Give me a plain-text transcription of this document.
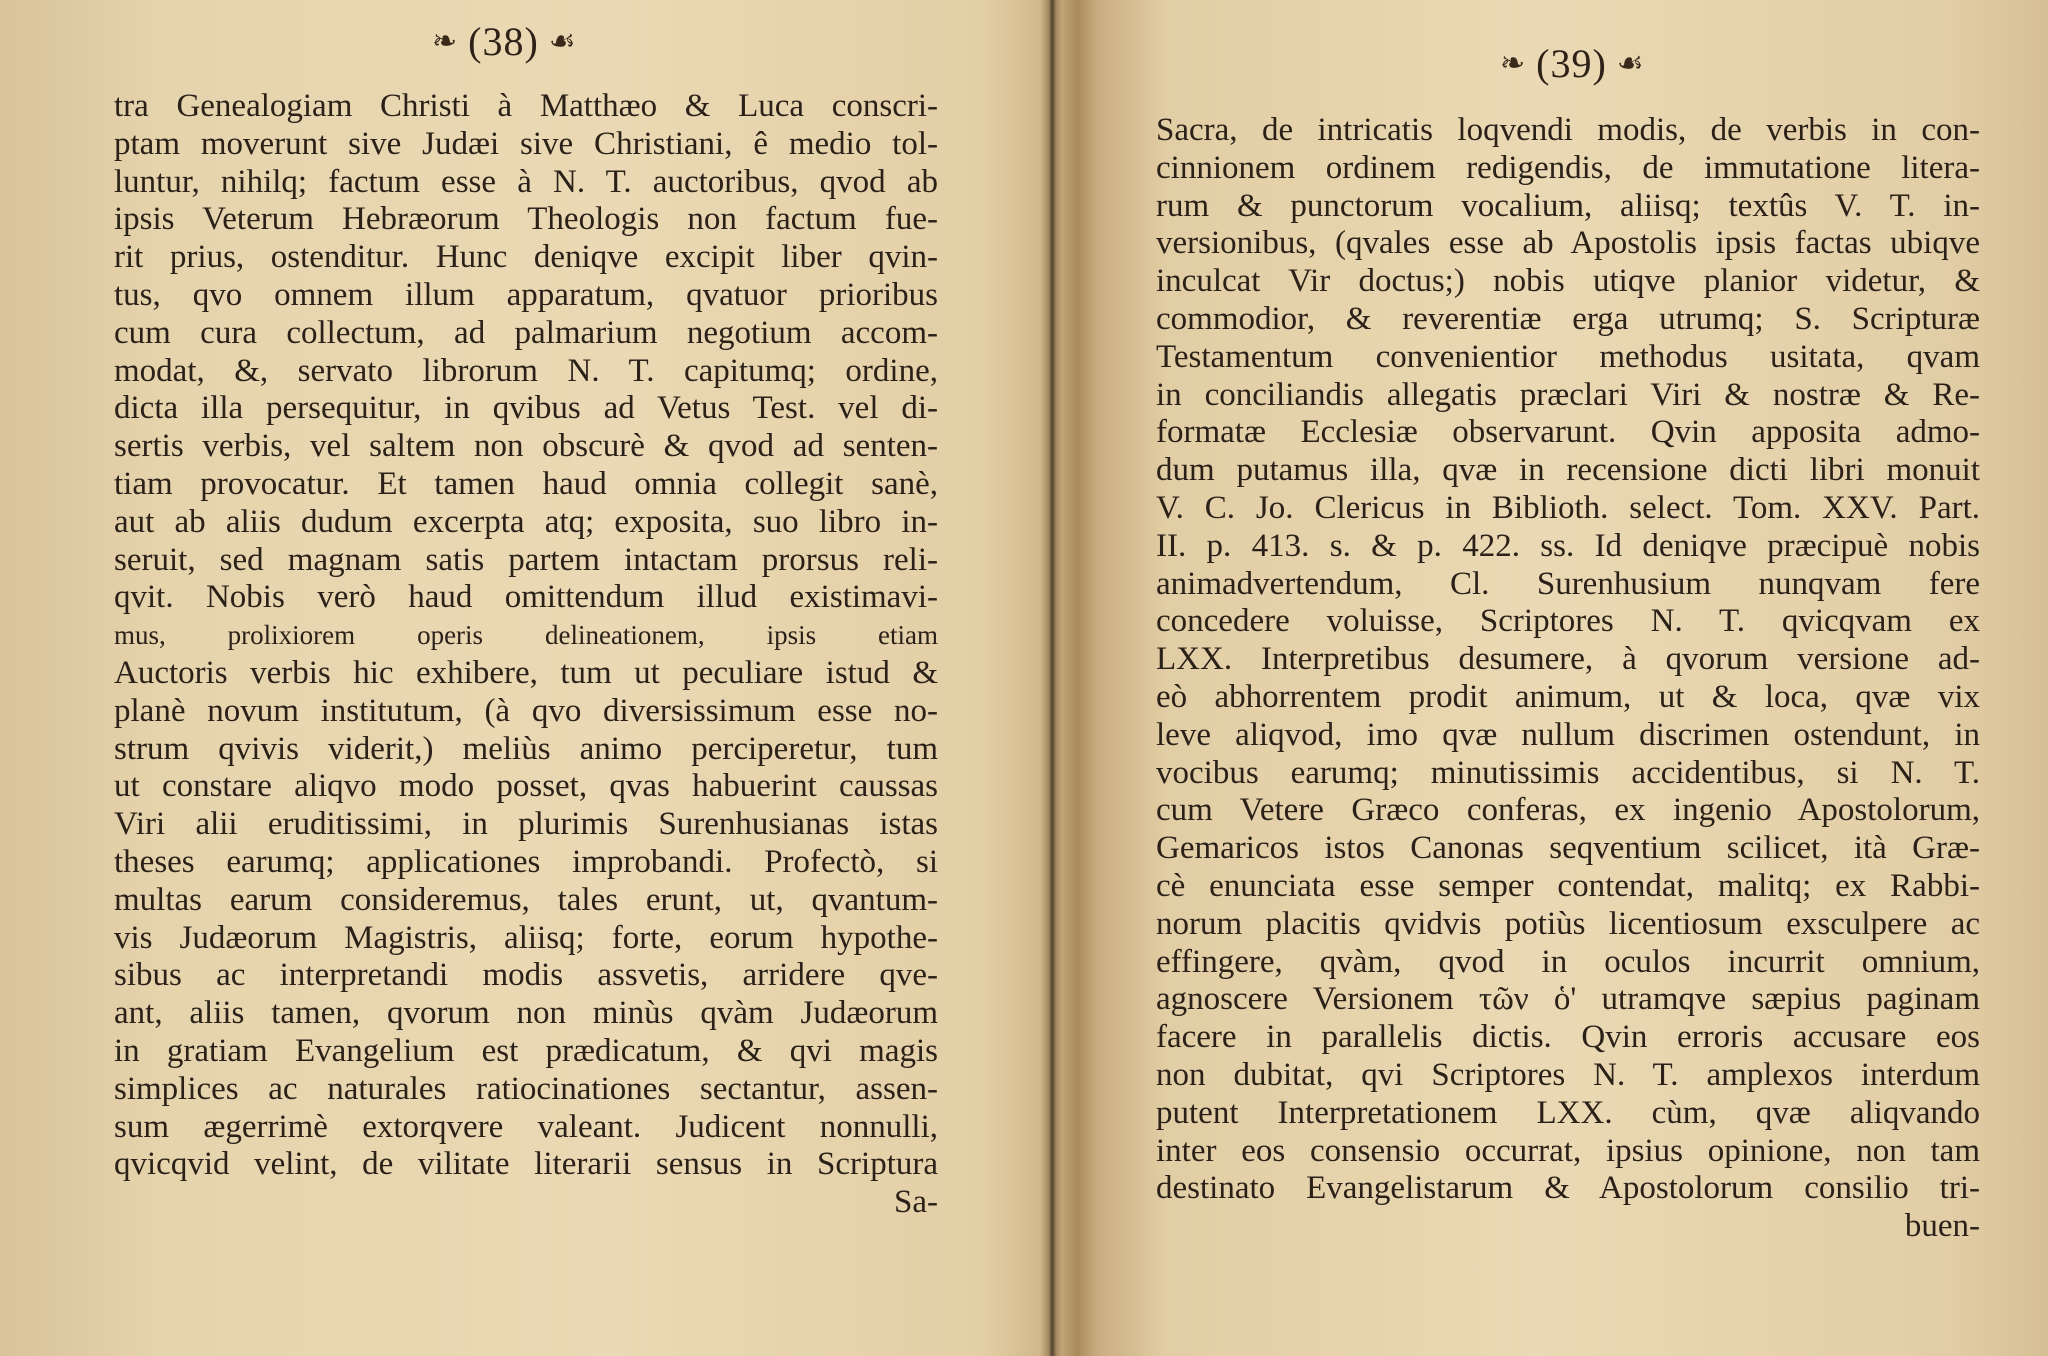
❧ (38) ☙
tra Genealogiam Christi à Matthæo & Luca conscri-
ptam moverunt sive Judæi sive Christiani, ê medio tol-
luntur, nihilq; factum esse à N. T. auctoribus, qvod ab
ipsis Veterum Hebræorum Theologis non factum fue-
rit prius, ostenditur. Hunc deniqve excipit liber qvin-
tus, qvo omnem illum apparatum, qvatuor prioribus
cum cura collectum, ad palmarium negotium accom-
modat, &, servato librorum N. T. capitumq; ordine,
dicta illa persequitur, in qvibus ad Vetus Test. vel di-
sertis verbis, vel saltem non obscurè & qvod ad senten-
tiam provocatur. Et tamen haud omnia collegit sanè,
aut ab aliis dudum excerpta atq; exposita, suo libro in-
seruit, sed magnam satis partem intactam prorsus reli-
qvit. Nobis verò haud omittendum illud existimavi-
mus, prolixiorem operis delineationem, ipsis etiam
Auctoris verbis hic exhibere, tum ut peculiare istud &
planè novum institutum, (à qvo diversissimum esse no-
strum qvivis viderit,) meliùs animo perciperetur, tum
ut constare aliqvo modo posset, qvas habuerint caussas
Viri alii eruditissimi, in plurimis Surenhusianas istas
theses earumq; applicationes improbandi. Profectò, si
multas earum consideremus, tales erunt, ut, qvantum-
vis Judæorum Magistris, aliisq; forte, eorum hypothe-
sibus ac interpretandi modis assvetis, arridere qve-
ant, aliis tamen, qvorum non minùs qvàm Judæorum
in gratiam Evangelium est prædicatum, & qvi magis
simplices ac naturales ratiocinationes sectantur, assen-
sum ægerrimè extorqvere valeant. Judicent nonnulli,
qvicqvid velint, de vilitate literarii sensus in Scriptura
Sa-
❧ (39) ☙
Sacra, de intricatis loqvendi modis, de verbis in con-
cinnionem ordinem redigendis, de immutatione litera-
rum & punctorum vocalium, aliisq; textûs V. T. in-
versionibus, (qvales esse ab Apostolis ipsis factas ubiqve
inculcat Vir doctus;) nobis utiqve planior videtur, &
commodior, & reverentiæ erga utrumq; S. Scripturæ
Testamentum convenientior methodus usitata, qvam
in conciliandis allegatis præclari Viri & nostræ & Re-
formatæ Ecclesiæ observarunt. Qvin apposita admo-
dum putamus illa, qvæ in recensione dicti libri monuit
V. C. Jo. Clericus in Biblioth. select. Tom. XXV. Part.
II. p. 413. s. & p. 422. ss. Id deniqve præcipuè nobis
animadvertendum, Cl. Surenhusium nunqvam fere
concedere voluisse, Scriptores N. T. qvicqvam ex
LXX. Interpretibus desumere, à qvorum versione ad-
eò abhorrentem prodit animum, ut & loca, qvæ vix
leve aliqvod, imo qvæ nullum discrimen ostendunt, in
vocibus earumq; minutissimis accidentibus, si N. T.
cum Vetere Græco conferas, ex ingenio Apostolorum,
Gemaricos istos Canonas seqventium scilicet, ità Græ-
cè enunciata esse semper contendat, malitq; ex Rabbi-
norum placitis qvidvis potiùs licentiosum exsculpere ac
effingere, qvàm, qvod in oculos incurrit omnium,
agnoscere Versionem τῶν ὁ' utramqve sæpius paginam
facere in parallelis dictis. Qvin erroris accusare eos
non dubitat, qvi Scriptores N. T. amplexos interdum
putent Interpretationem LXX. cùm, qvæ aliqvando
inter eos consensio occurrat, ipsius opinione, non tam
destinato Evangelistarum & Apostolorum consilio tri-
buen-
